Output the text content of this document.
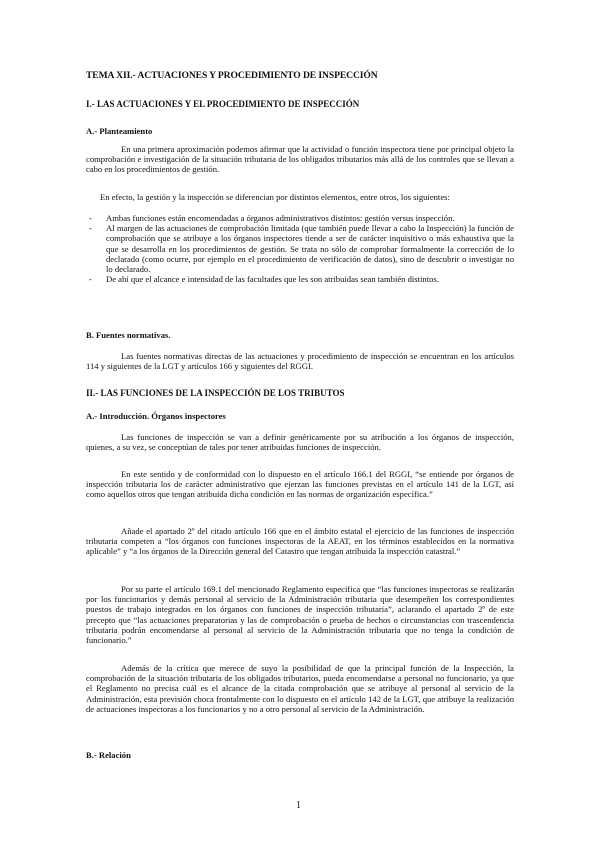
TEMA XII.- ACTUACIONES Y PROCEDIMIENTO DE INSPECCIÓN
I.- LAS ACTUACIONES Y EL PROCEDIMIENTO DE INSPECCIÓN
A.- Planteamiento

En una primera aproximación podemos afirmar que la actividad o función inspectora tiene por principal objeto la comprobación e investigación de la situación tributaria de los obligados tributarios más allá de los controles que se llevan a cabo en los procedimientos de gestión.

En efecto, la gestión y la inspección se diferencian por distintos elementos, entre otros, los siguientes:

- Ambas funciones están encomendadas a órganos administrativos distintos: gestión versus inspección.
- Al margen de las actuaciones de comprobación limitada (que también puede llevar a cabo la Inspección) la función de comprobación que se atribuye a los órganos inspectores tiende a ser de carácter inquisitivo o más exhaustiva que la que se desarrolla en los procedimientos de gestión. Se trata no sólo de comprobar formalmente la corrección de lo declarado (como ocurre, por ejemplo en el procedimiento de verificación de datos), sino de descubrir o investigar no lo declarado.
- De ahí que el alcance e intensidad de las facultades que les son atribuidas sean también distintos.
B. Fuentes normativas.

Las fuentes normativas directas de las actuaciones y procedimiento de inspección se encuentran en los artículos 114 y siguientes de la LGT y artículos 166 y siguientes del RGGI.

II.- LAS FUNCIONES DE LA INSPECCIÓN DE LOS TRIBUTOS
A.- Introducción. Órganos inspectores

Las funciones de inspección se van a definir genéricamente por su atribución a los órganos de inspección, quienes, a su vez, se conceptúan de tales por tener atribuidas funciones de inspección.

En este sentido y de conformidad con lo dispuesto en el artículo 166.1 del RGGI, “se entiende por órganos de inspección tributaria los de carácter administrativo que ejerzan las funciones previstas en el artículo 141 de la LGT, así como aquellos otros que tengan atribuida dicha condición en las normas de organización específica.”

Añade el apartado 2º del citado artículo 166 que en el ámbito estatal el ejercicio de las funciones de inspección tributaria competen a “los órganos con funciones inspectoras de la AEAT, en los términos establecidos en la normativa aplicable” y “a los órganos de la Dirección general del Catastro que tengan atribuida la inspección catastral.”

Por su parte el artículo 169.1 del mencionado Reglamento especifica que “las funciones inspectoras se realizarán por los funcionarios y demás personal al servicio de la Administración tributaria que desempeñen los correspondientes puestos de trabajo integrados en los órganos con funciones de inspección tributaria”, aclarando el apartado 2º de este precepto que “las actuaciones preparatorias y las de comprobación o prueba de hechos o circunstancias con trascendencia tributaria podrán encomendarse al personal al servicio de la Administración tributaria que no tenga la condición de funcionario.”

Además de la crítica que merece de suyo la posibilidad de que la principal función de la Inspección, la comprobación de la situación tributaria de los obligados tributarios, pueda encomendarse a personal no funcionario, ya que el Reglamento no precisa cuál es el alcance de la citada comprobación que se atribuye al personal al servicio de la Administración, esta previsión choca frontalmente con lo dispuesto en el artículo 142 de la LGT, que atribuye la realización de actuaciones inspectoras a los funcionarios y no a otro personal al servicio de la Administración.

B.- Relación
1
